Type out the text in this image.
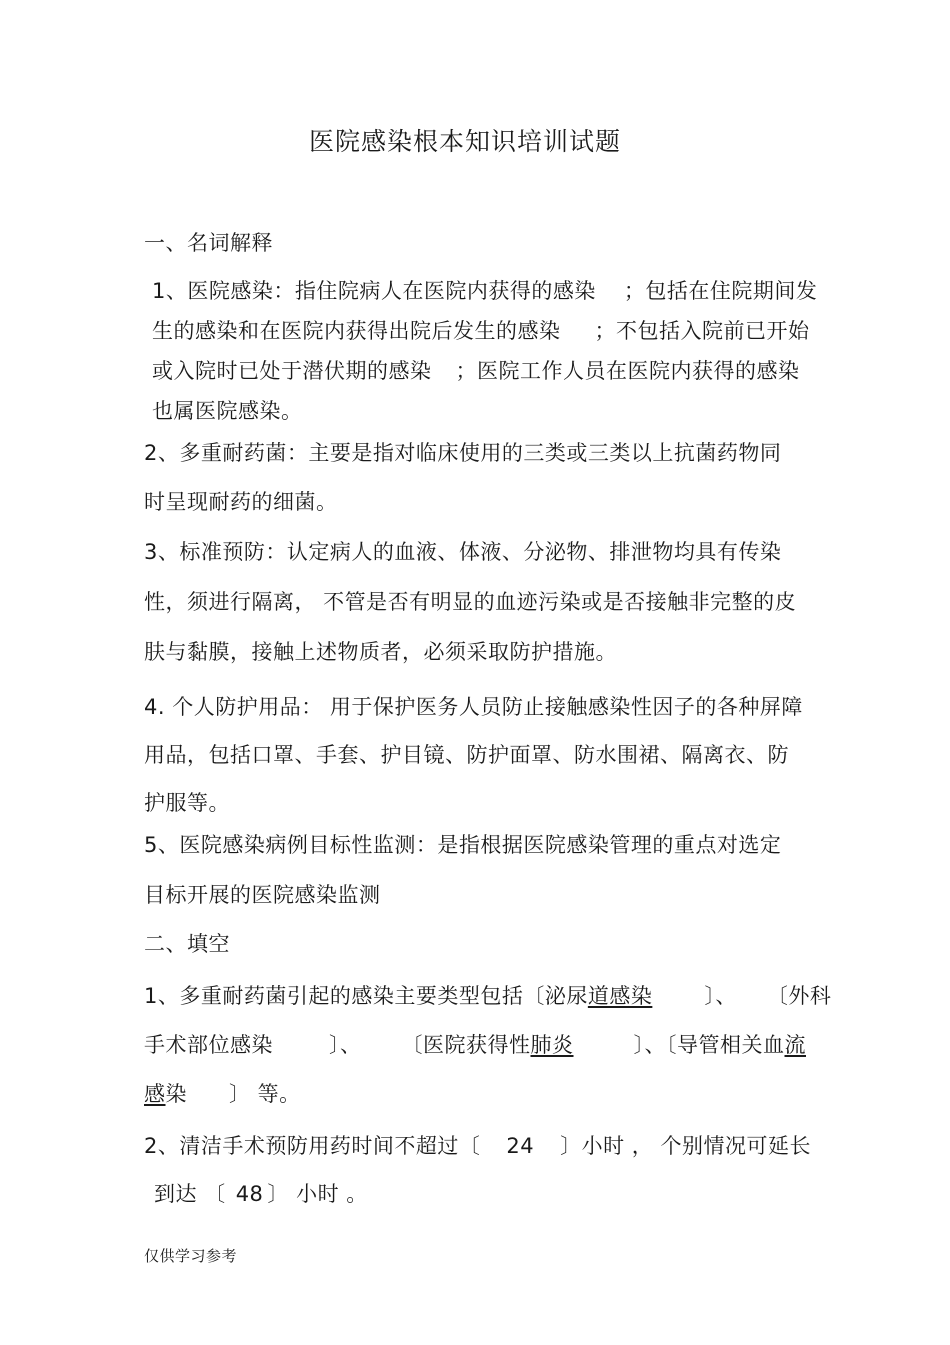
医院感染根本知识培训试题
一、名词解释
1、医院感染：指住院病人在医院内获得的感染 ；包括在住院期间发
生的感染和在医院内获得出院后发生的感染 ；不包括入院前已开始
或入院时已处于潜伏期的感染 ；医院工作人员在医院内获得的感染
也属医院感染。
2、多重耐药菌：主要是指对临床使用的三类或三类以上抗菌药物同
时呈现耐药的细菌。
3、标准预防：认定病人的血液、体液、分泌物、排泄物均具有传染
性，须进行隔离， 不管是否有明显的血迹污染或是否接触非完整的皮
肤与黏膜，接触上述物质者，必须采取防护措施。
4. 个人防护用品： 用于保护医务人员防止接触感染性因子的各种屏障
用品，包括口罩、手套、护目镜、防护面罩、防水围裙、隔离衣、防
护服等。
5、医院感染病例目标性监测：是指根据医院感染管理的重点对选定
目标开展的医院感染监测
二、填空
1、多重耐药菌引起的感染主要类型包括〔泌尿道感染 〕、 〔外科
手术部位感染	〕、 〔医院获得性肺炎	〕、〔导管相关血流
感染 〕 等。
2、清洁手术预防用药时间不超过〔 24 〕小时 ， 个别情况可延长
到达 〔 48 〕 小时 。
仅供学习参考
